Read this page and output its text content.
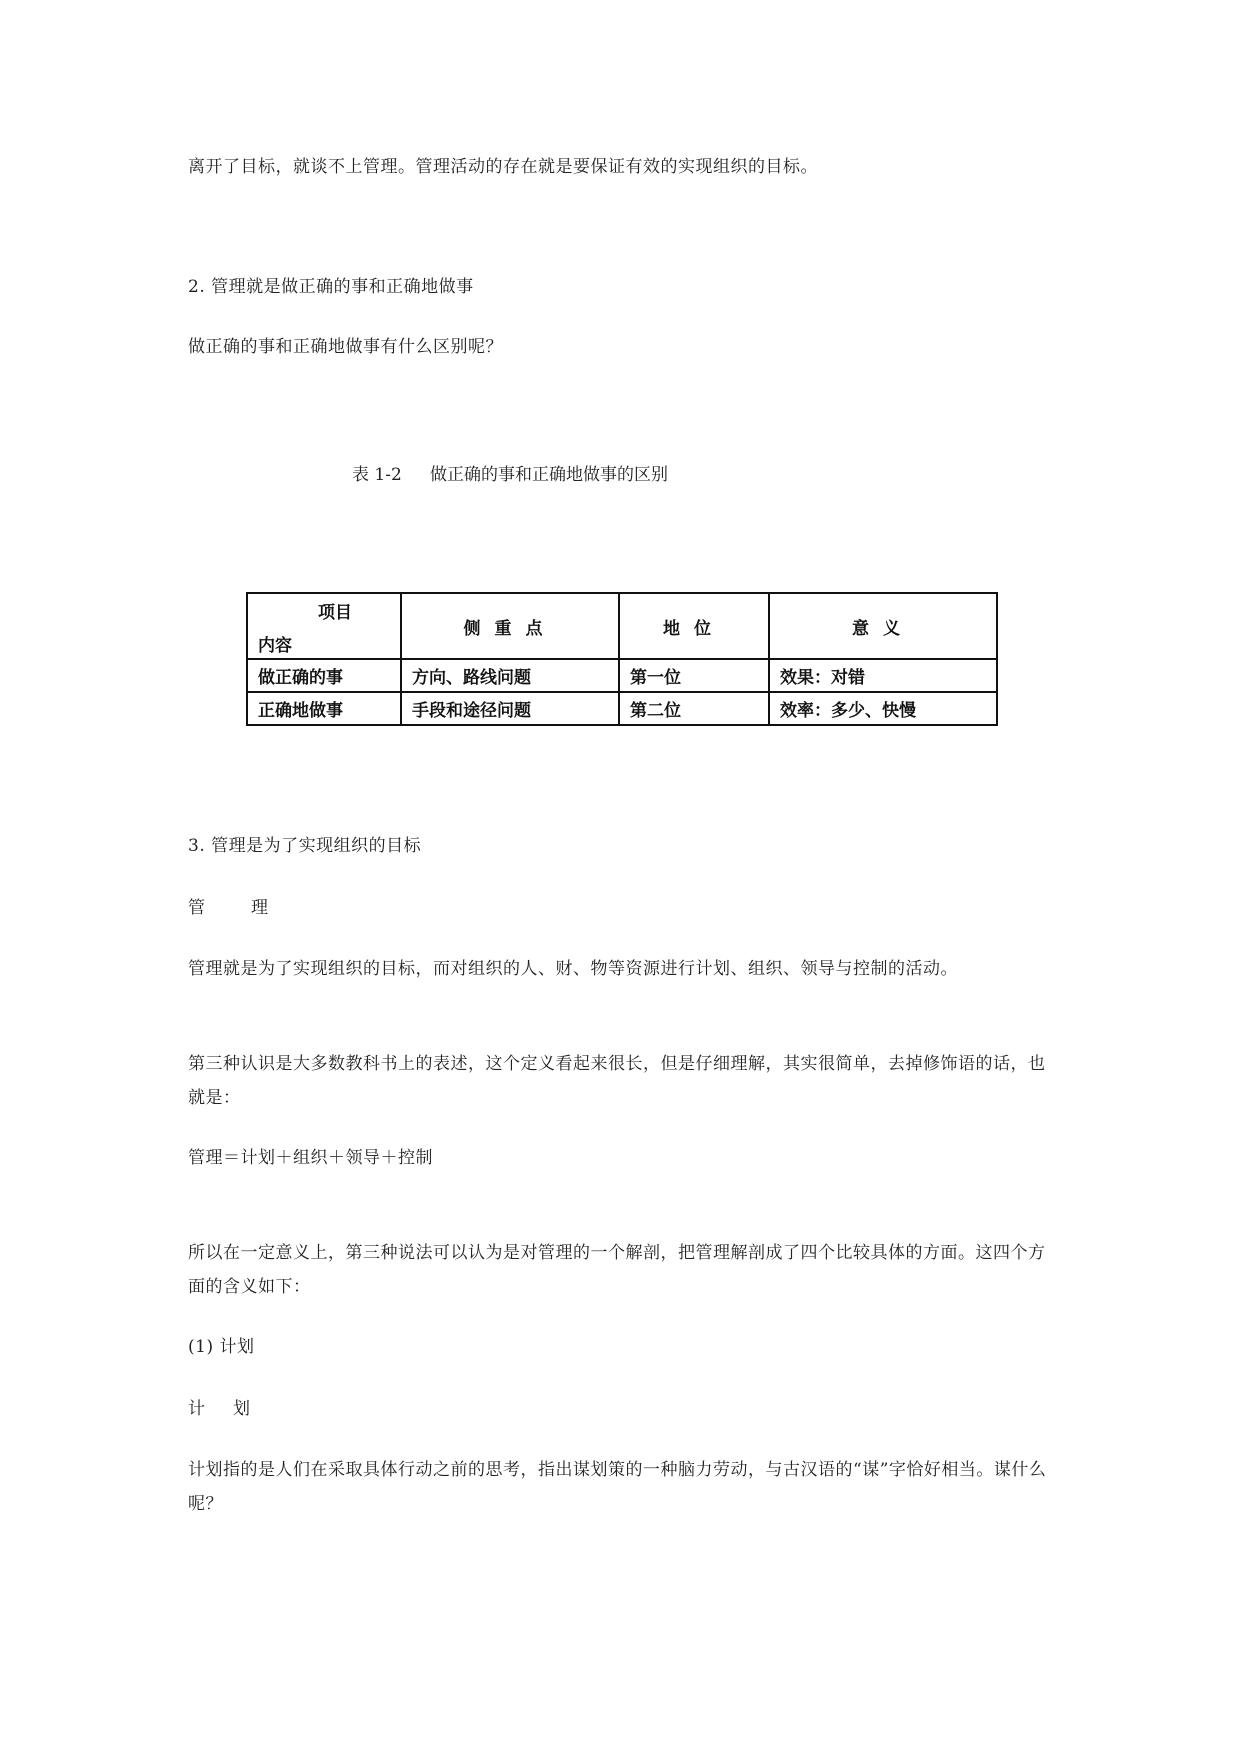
离开了目标，就谈不上管理。管理活动的存在就是要保证有效的实现组织的目标。
2. 管理就是做正确的事和正确地做事
做正确的事和正确地做事有什么区别呢？
表 1-2 做正确的事和正确地做事的区别
项目
内容	侧重点	地位	意义
做正确的事	方向、路线问题	第一位	效果：对错
正确地做事	手段和途径问题	第二位	效率：多少、快慢
3. 管理是为了实现组织的目标
管	理
管理就是为了实现组织的目标，而对组织的人、财、物等资源进行计划、组织、领导与控制的活动。
第三种认识是大多数教科书上的表述，这个定义看起来很长，但是仔细理解，其实很简单，去掉修饰语的话，也就是：
管理＝计划＋组织＋领导＋控制
所以在一定意义上，第三种说法可以认为是对管理的一个解剖，把管理解剖成了四个比较具体的方面。这四个方面的含义如下：
(1) 计划
计 划
计划指的是人们在采取具体行动之前的思考，指出谋划策的一种脑力劳动，与古汉语的“谋”字恰好相当。谋什么呢？
